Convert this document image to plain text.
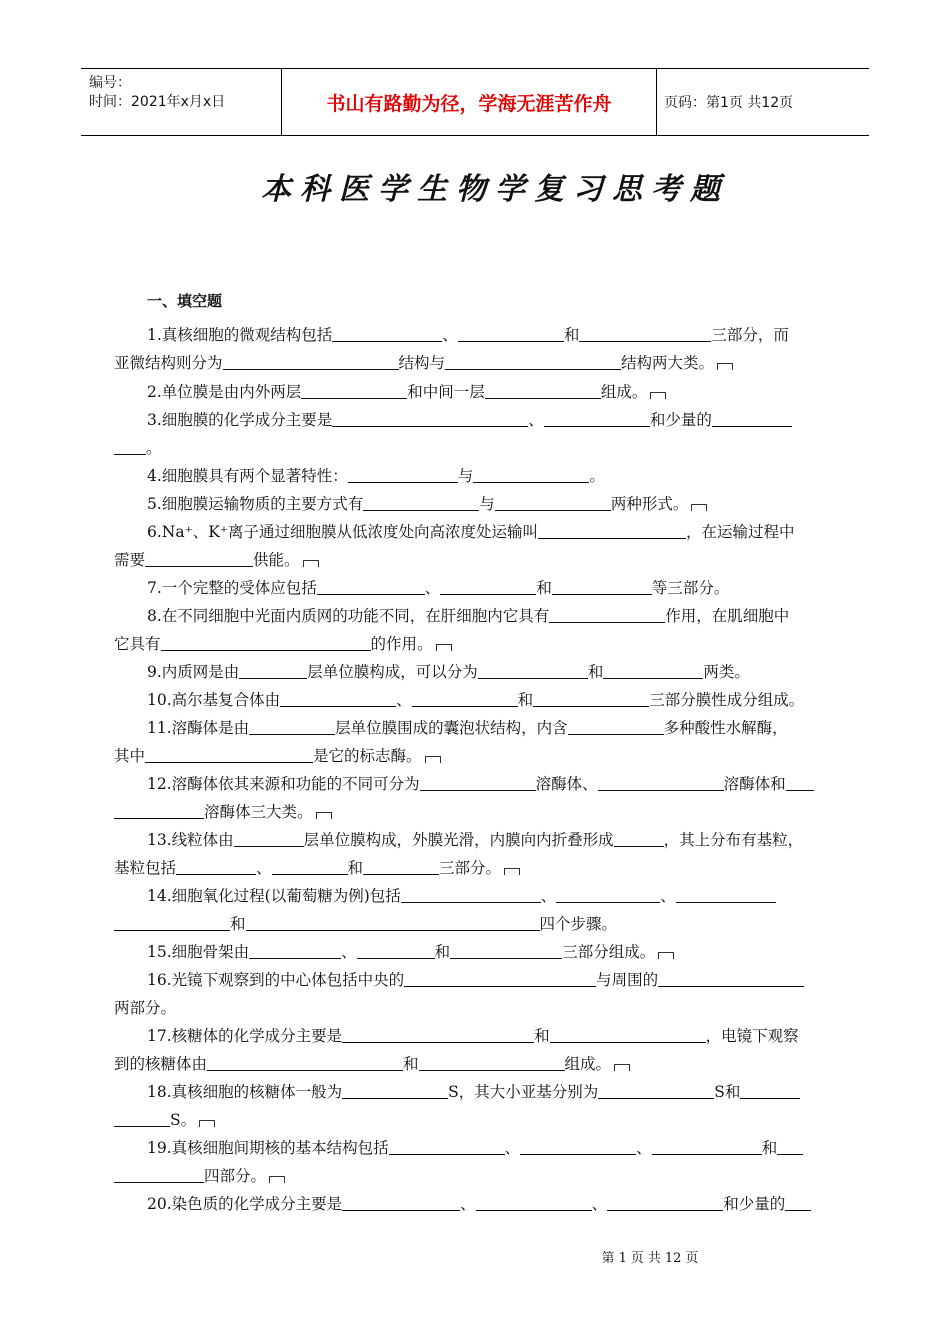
编号：
时间：2021年x月x日	书山有路勤为径，学海无涯苦作舟	页码：第1页 共12页
本科医学生物学复习思考题
一、填空题
1.真核细胞的微观结构包括	、	和	三部分，而
亚微结构则分为	结构与	结构两大类。
2.单位膜是由内外两层	和中间一层	组成。
3.细胞膜的化学成分主要是	、	和少量的
。
4.细胞膜具有两个显著特性：	与	。
5.细胞膜运输物质的主要方式有	与	两种形式。
6.Na⁺、K⁺离子通过细胞膜从低浓度处向高浓度处运输叫	，在运输过程中
需要	供能。
7.一个完整的受体应包括	、	和	等三部分。
8.在不同细胞中光面内质网的功能不同，在肝细胞内它具有	作用，在肌细胞中
它具有	的作用。
9.内质网是由	层单位膜构成，可以分为	和	两类。
10.高尔基复合体由	、	和	三部分膜性成分组成。
11.溶酶体是由	层单位膜围成的囊泡状结构，内含	多种酸性水解酶，
其中	是它的标志酶。
12.溶酶体依其来源和功能的不同可分为	溶酶体、	溶酶体和
溶酶体三大类。
13.线粒体由	层单位膜构成，外膜光滑，内膜向内折叠形成	，其上分布有基粒，
基粒包括	、	和	三部分。
14.细胞氧化过程(以葡萄糖为例)包括	、	、
和	四个步骤。
15.细胞骨架由	、	和	三部分组成。
16.光镜下观察到的中心体包括中央的	与周围的
两部分。
17.核糖体的化学成分主要是	和	，电镜下观察
到的核糖体由	和	组成。
18.真核细胞的核糖体一般为	S，其大小亚基分别为	S和
S。
19.真核细胞间期核的基本结构包括	、	、	和
四部分。
20.染色质的化学成分主要是	、	、	和少量的
第 1 页 共 12 页
